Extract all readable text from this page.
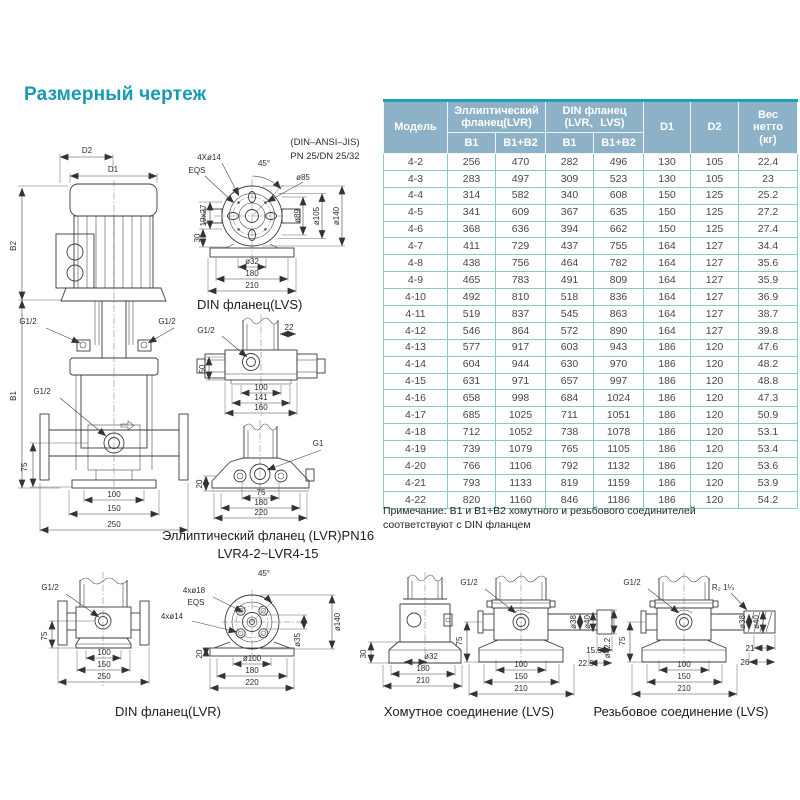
Размерный чертеж
D2
D1
G1/2	G1/2
G1/2
B2
B1
75
100
150
250
(DIN–ANSI–JIS)
PN 25/DN 25/32
4Xø14
EQS
45°
ø85
ø89 ø105 ø140
19x27
30
ø32
180
210
22
G1/2
50
100
141
160
G1
20
75
180
220
G1/2
75
100
150
250
45°
4xø18
EQS
4xø14	ø140
ø35
20	ø100
180
220
30	ø32
180
210
G1/2
75
ø38 ø40
ø42.2
15.5
22.5
100
150
210
G1/2
R₂ 1¼
75
ø38 ø40
21
26
100
150
210
DIN фланец(LVS)
Эллиптический фланец (LVR)PN16
LVR4-2~LVR4-15
DIN фланец(LVR)	Хомутное соединение (LVS)	Резьбовое соединение (LVS)
Модель	Эллиптический
фланец(LVR)		DIN фланец
(LVR、LVS)		D1	D2	Вес
нетто
(кг)

	B1	B1+B2	B1	B1+B2			
4-2	256	470	282	496	130	105	22.4
4-3	283	497	309	523	130	105	23
4-4	314	582	340	608	150	125	25.2
4-5	341	609	367	635	150	125	27.2
4-6	368	636	394	662	150	125	27.4
4-7	411	729	437	755	164	127	34.4
4-8	438	756	464	782	164	127	35.6
4-9	465	783	491	809	164	127	35.9
4-10	492	810	518	836	164	127	36.9
4-11	519	837	545	863	164	127	38.7
4-12	546	864	572	890	164	127	39.8
4-13	577	917	603	943	186	120	47.6
4-14	604	944	630	970	186	120	48.2
4-15	631	971	657	997	186	120	48.8
4-16	658	998	684	1024	186	120	47.3
4-17	685	1025	711	1051	186	120	50.9
4-18	712	1052	738	1078	186	120	53.1
4-19	739	1079	765	1105	186	120	53.4
4-20	766	1106	792	1132	186	120	53.6
4-21	793	1133	819	1159	186	120	53.9
4-22	820	1160	846	1186	186	120	54.2
Примечание: В1 и В1+В2 хомутного и резьбового соединителей
соответствуют с DIN фланцем
